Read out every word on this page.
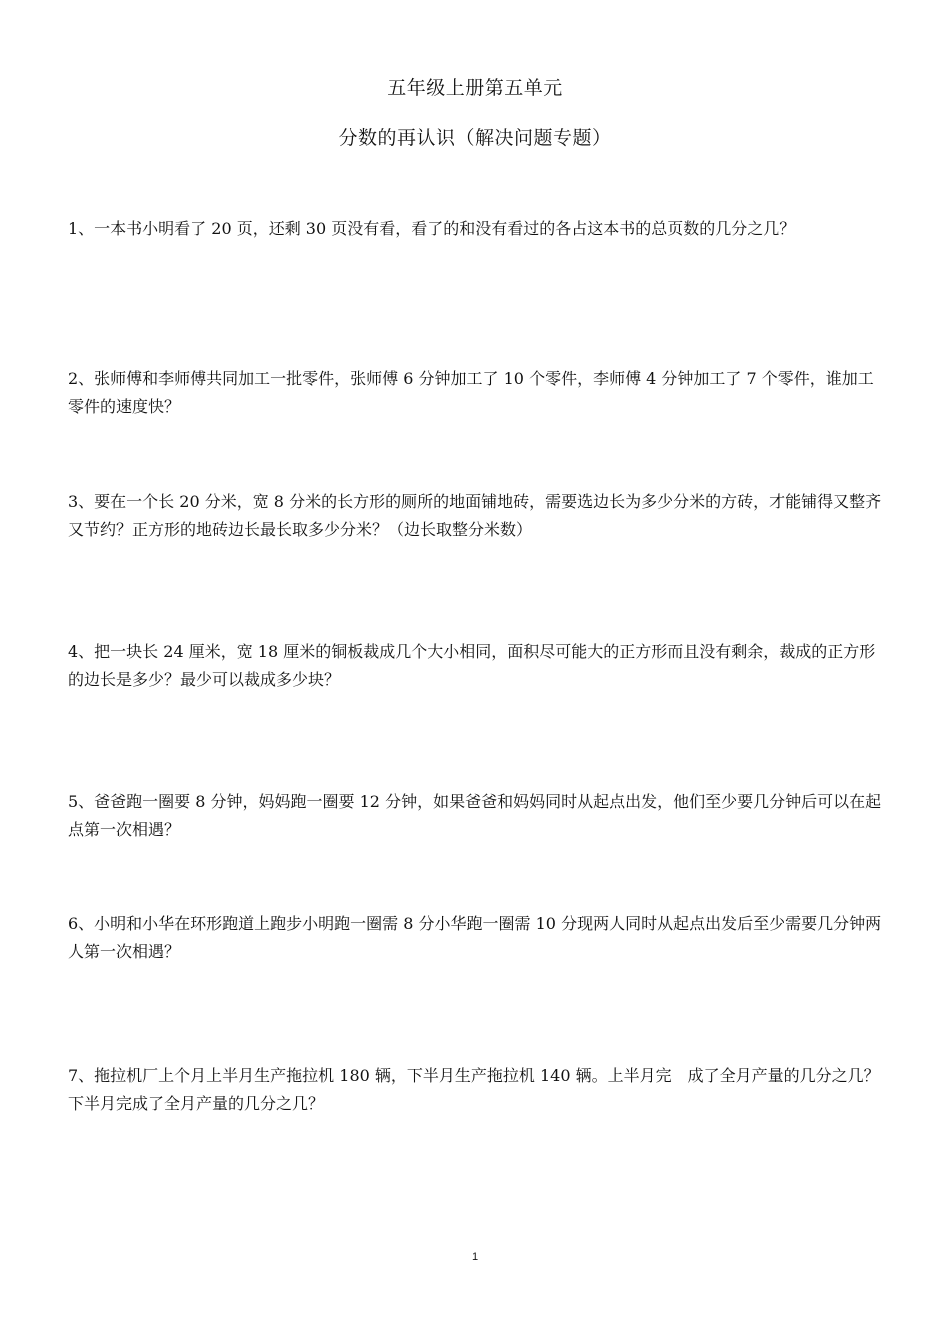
五年级上册第五单元
分数的再认识（解决问题专题）
1、一本书小明看了 20 页，还剩 30 页没有看，看了的和没有看过的各占这本书的总页数的几分之几？
2、张师傅和李师傅共同加工一批零件，张师傅 6 分钟加工了 10 个零件，李师傅 4 分钟加工了 7 个零件，谁加工零件的速度快？
3、要在一个长 20 分米，宽 8 分米的长方形的厕所的地面铺地砖，需要选边长为多少分米的方砖，才能铺得又整齐又节约？正方形的地砖边长最长取多少分米？（边长取整分米数）
4、把一块长 24 厘米，宽 18 厘米的铜板裁成几个大小相同，面积尽可能大的正方形而且没有剩余，裁成的正方形的边长是多少？最少可以裁成多少块？
5、爸爸跑一圈要 8 分钟，妈妈跑一圈要 12 分钟，如果爸爸和妈妈同时从起点出发，他们至少要几分钟后可以在起点第一次相遇？
6、小明和小华在环形跑道上跑步小明跑一圈需 8 分小华跑一圈需 10 分现两人同时从起点出发后至少需要几分钟两人第一次相遇？
7、拖拉机厂上个月上半月生产拖拉机 180 辆，下半月生产拖拉机 140 辆。上半月完　成了全月产量的几分之几？下半月完成了全月产量的几分之几？
1
